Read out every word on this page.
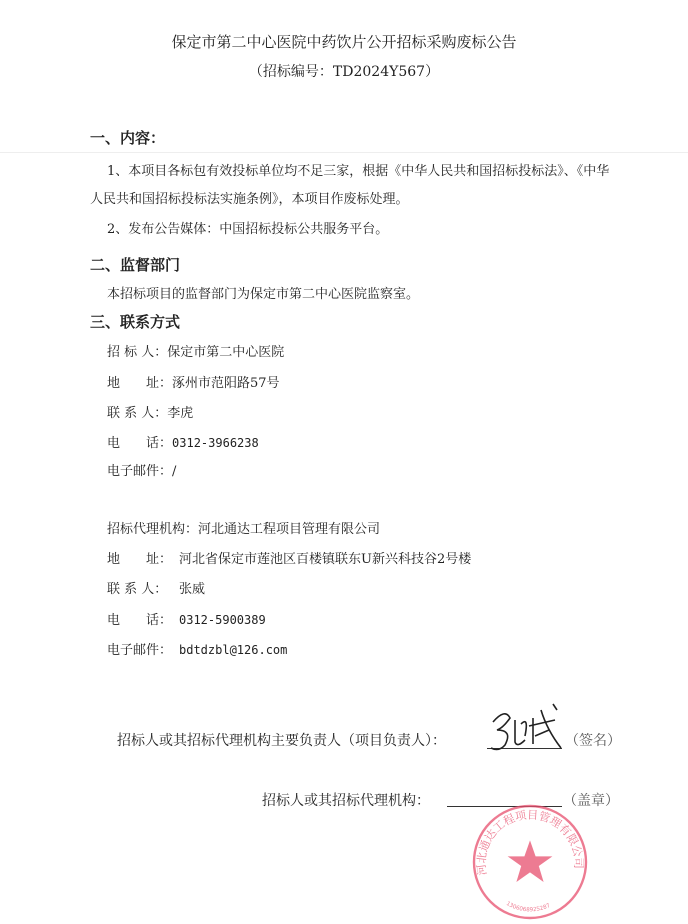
保定市第二中心医院中药饮片公开招标采购废标公告
（招标编号：TD2024Y567）
一、内容：
1、本项目各标包有效投标单位均不足三家，根据《中华人民共和国招标投标法》、《中华
人民共和国招标投标法实施条例》，本项目作废标处理。
2、发布公告媒体：中国招标投标公共服务平台。
二、监督部门
本招标项目的监督部门为保定市第二中心医院监察室。
三、联系方式
招 标 人：保定市第二中心医院
地　　址：涿州市范阳路57号
联 系 人：李虎
电　　话：0312-3966238
电子邮件：/
招标代理机构：河北通达工程项目管理有限公司
地　　址： 河北省保定市莲池区百楼镇联东U新兴科技谷2号楼
联 系 人： 张威
电　　话： 0312-5900389
电子邮件： bdtdzbl@126.com
招标人或其招标代理机构主要负责人（项目负责人）：	（签名）
招标人或其招标代理机构：	（盖章）
河北通达工程项目管理有限公司
1306068925287
